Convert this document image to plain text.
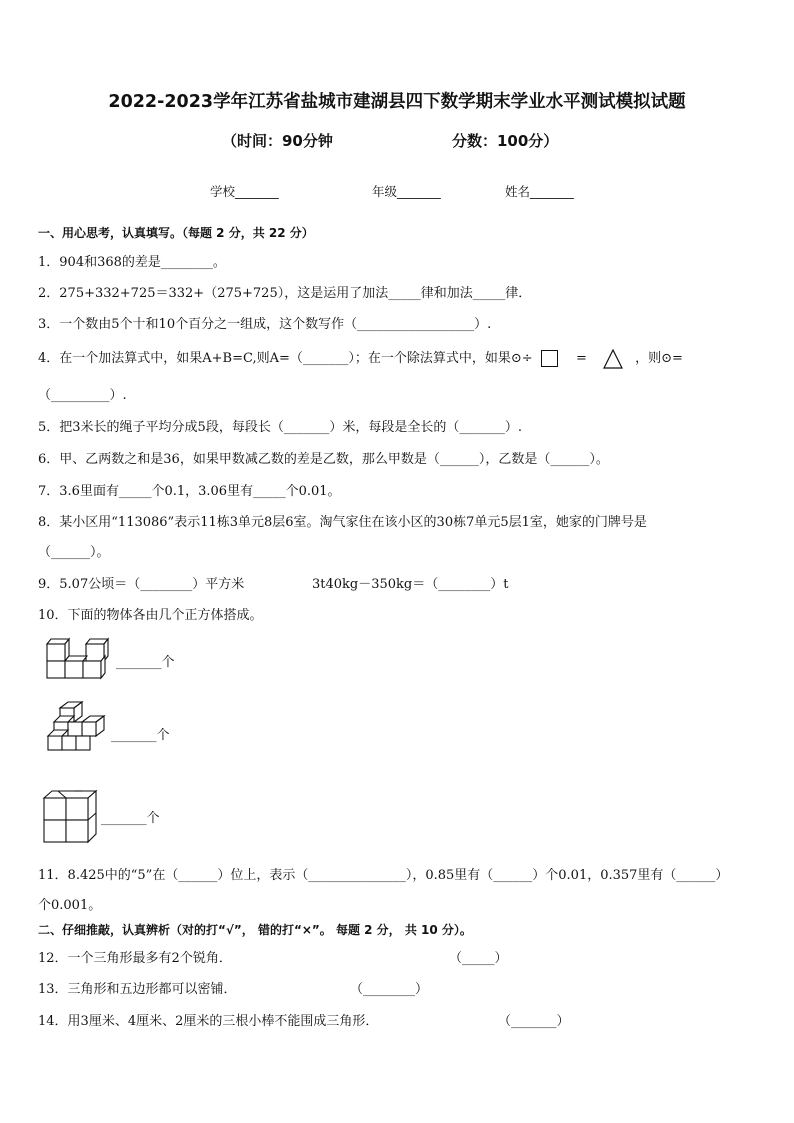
2022-2023学年江苏省盐城市建湖县四下数学期末学业水平测试模拟试题
（时间：90分钟	分数：100分）
学校_______	年级_______	姓名_______
一、用心思考，认真填写。（每题 2 分，共 22 分）
1．904和368的差是________。
2．275+332+725＝332+（275+725），这是运用了加法_____律和加法_____律．
3．一个数由5个十和10个百分之一组成，这个数写作（__________________）.
4．在一个加法算式中，如果A+B=C,则A=（_______）；在一个除法算式中，如果⊙÷	=	，则⊙=
（_________）.
5．把3米长的绳子平均分成5段，每段长（_______）米，每段是全长的（_______）.
6．甲、乙两数之和是36，如果甲数减乙数的差是乙数，那么甲数是（______），乙数是（______）。
7．3.6里面有_____个0.1，3.06里有_____个0.01。
8．某小区用“113086”表示11栋3单元8层6室。淘气家住在该小区的30栋7单元5层1室，她家的门牌号是
（______）。
9．5.07公顷＝（________）平方米	3t40kg－350kg＝（________）t
10．下面的物体各由几个正方体搭成。
_______个
_______个
_______个
11．8.425中的“5”在（______）位上，表示（_______________），0.85里有（______）个0.01，0.357里有（______）
个0.001。
二、仔细推敲，认真辨析（对的打“√”， 错的打“×”。 每题 2 分， 共 10 分）。
12．一个三角形最多有2个锐角．	（_____）
13．三角形和五边形都可以密铺．	（________）
14．用3厘米、4厘米、2厘米的三根小棒不能围成三角形．	（_______）
